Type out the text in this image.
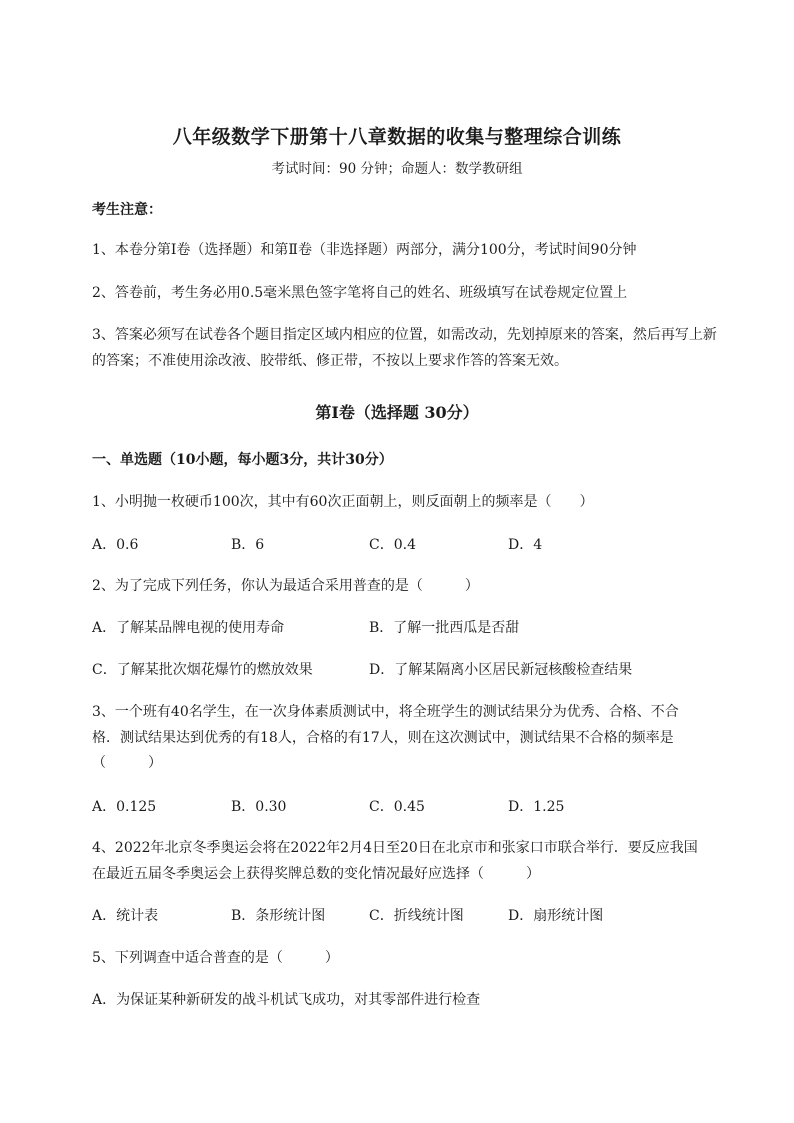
八年级数学下册第十八章数据的收集与整理综合训练
考试时间：90 分钟；命题人：数学教研组
考生注意：
1、本卷分第I卷（选择题）和第Ⅱ卷（非选择题）两部分，满分100分，考试时间90分钟
2、答卷前，考生务必用0.5毫米黑色签字笔将自己的姓名、班级填写在试卷规定位置上
3、答案必须写在试卷各个题目指定区域内相应的位置，如需改动，先划掉原来的答案，然后再写上新
的答案；不准使用涂改液、胶带纸、修正带，不按以上要求作答的答案无效。
第I卷（选择题 30分）
一、单选题（10小题，每小题3分，共计30分）
1、小明抛一枚硬币100次，其中有60次正面朝上，则反面朝上的频率是（　　）
A．0.6	B．6	C．0.4	D．4
2、为了完成下列任务，你认为最适合采用普查的是（　　　）
A．了解某品牌电视的使用寿命	B．了解一批西瓜是否甜
C．了解某批次烟花爆竹的燃放效果	D．了解某隔离小区居民新冠核酸检查结果
3、一个班有40名学生，在一次身体素质测试中，将全班学生的测试结果分为优秀、合格、不合
格．测试结果达到优秀的有18人，合格的有17人，则在这次测试中，测试结果不合格的频率是
（　　　）
A．0.125	B．0.30	C．0.45	D．1.25
4、2022年北京冬季奥运会将在2022年2月4日至20日在北京市和张家口市联合举行．要反应我国
在最近五届冬季奥运会上获得奖牌总数的变化情况最好应选择（　　　）
A．统计表	B．条形统计图	C．折线统计图	D．扇形统计图
5、下列调查中适合普查的是（　　　）
A．为保证某种新研发的战斗机试飞成功，对其零部件进行检查
